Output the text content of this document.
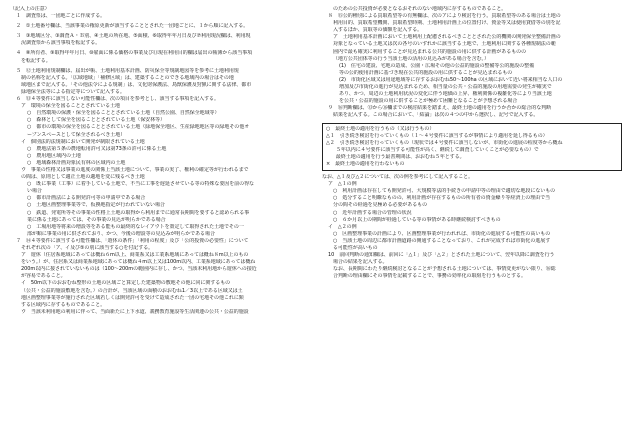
（記入上の注意）
１　調査票は、一団地ごとに作成する。
２　①土地番号欄は、当該事業の権原更新が該当することとされた一団地ごとに、１から順に記入する。
３　③地域区分、③調査Ａ・Ｂ別、④土地の所在地、⑤面積、⑥取得年年月日及び⑦利用現況欄は、利用現
況調査票から該当事項を転記する。
４　⑧所有者、⑨取得年年月日、⑩雇面に係る価格の事業及び⑪現在利用目的欄は届出の帳簿から該当事項
を転記する。
５　⑫土地利用規制欄は、届出が帳、土地利用基本計画、防災保全等規制地図等を参考に土地利用規
制の名称を記入する。「広域地域」「補修区域」は、建築することのできる地域内の場合はその地
域地区まで記入する。「その他法令による規制」は、文化財保護法、鳥獣保護及狩猟に関する法律、都市
緑地保全法等による指定等について記入する。
６　⑬４等要件に該当しない可能性欄は、次の項目を参考とし、該当する事項を記入する。
ア　環境の保全を図ることとされている土地
○　自然環境の保護・保全を図ることとされている土地（自然公園、自然保全地域等）
○　森林として保全を図ることとされている土地（保安林等）
○　都市の環境の保全を図ることとされている土地（緑地保全地区、生産緑地地区等の緑地その他オ
ープンスペースとして保全されるべき土地）
イ　個別法的法規制において開発が制限されている土地
○　農地法第５条の農地転用許可又は第73条の許可に係る土地
○　農用地区域内の土地
○　地域森林計画対象民有林の区域内の土地
ウ　事業の性格又は事業の進度の関係上当該土地について、事業の実了、権利の確定等が行われるまで
の間は、原則として適正土地の適地を変に残るべき土地
○　既に事業（工事）に着手している土地で、不当に工事を遅延させている等の特殊な要因を前の得な
い場合
○　都市計画法による開発許可等の申請中である場合
○　土地区画整理事業等で、仮換地指定が行われていない場合
○　鉄道、発電所等その事業の性格上土地の取得から利用までに通常長期間を要すると認められる事
業に係る土地にあっては、その事業の見込が明らかである場合
○　工場用地等将来の増設等をある能もの最終的なレイアウトを策定して取得された土地でその一
部が順に事業の用に供されており、かつ、今後の増設等の見込みが明らかである場合
７　⑭４等要件に該当する可能性欄は、「遊休の条件」「利用の程度」及び「公的投資の必要性」について
それぞれ次の「ア、イ及び⑤の別に該当する○を付記する。
ア　遊休（住居系地域にあっては概ね６m以上、商業系又は工業系地域にあっては概ね８m以上のもの
をいう。）が、住居系又は商業系地域にあっては概ね４m以上又は100m以内、工業系地域にあっては概ね
200m以内に接されていないものは（100～200mの範囲内に存し、かつ、当該未利用地から遊休への接近
が容易であること。
イ　50m以下のおおむね整形の土地の区域ごと算定した建築物の敷地その他に同に関するもの
（公共・公益的施設敷地を含む。）の合計が、当該区域の面積のおおむね1／3以上である区域又は土
地区画整理事業等が施行された区域若しくは開発許可を受けて造成された一団の宅地その他これに類
する区域内に存するものであること。
ウ　当該未利用地の利用に伴って、当面新たに上下水道、義務教育施設等生活関連の公共・公益的施設
のための公共投資が必要となるおそれのない地域内に存するものであること。
８　⑮公的種別による買取希望等の有無欄は、次のアにより検討を行う。買取希望等のある場合は土地の
利用目的、買取希望機関、買取希望時期、土地利用計画上の位置付け、資金等又は使用貸借等の別を記
入するほか、買取等の価額を記入する。
ア　土地利用基本計画において土地利用上配慮されるべきこととされた公的機関の開発保全整備計画の
対象となっている土地又は次の各号のいずれかに該当する土地で、土地利用に関する各種規制法の範
囲内で最も確実に利用することが見込まれる公共的施設の用に供する計画があるものの
（地方公共団体等の行う当該土地の活用の見込みがある場合を含む。）
(1)　住宅の建設、宅地の造成、公園・広場その他の公益的施設の整備等公的施設の整備
等の公的使用計画に基づき現在公共的施設の用に供することが見込まれるもの
(2)　市街化区域又は用途地域等に存するおおむね50～100ha の区域において近い将来相当な人口の
増加及び市街化の進行が見込まれるため、相当量の公共・公益的施設の用地需要の発生が確実で
あり、かつ、周辺の土地利用状況の変化に伴う地価の上昇、権利関係の複雑化等により当該土地
を公共・公益的施設の用に供することが極めて困難となることが予想される場合
９　⑯判断欄は、⑬から⑯欄までの検討結果を踏まえ、最終土地の適用を行うか否かの総合的な判断
結果を記入する。この場合において、「結論」は次の４つの中から選択し、記号で記入する。
○　最終土地の適用を行うもの（又は行うもの）
△１　引き続き検討を行っていくもの（１～４号要件に該当するが事情により適用を延し得るもの）
△２　引き続き検討を行っていくもの（現状では４号要件に該当しないが、市街化の進展の程度等から概ね
　　５年以内に４号要件に該当する可能性が高く、継続して調査していくことが必要なもの）で
　　最終土地の適用を行う最善期間は、おおむね５年とする。
×　最終土地の適用を行わないもの
なお、△１及び△２については、次の例を参考にして記入すること。
ア　△１の例
○　利用計画は存在しても開発許可、大規模等法的手続きの申請中等の理由で適切な地段にないもの
○　処分すること明瞭なものの、利用計画が存在するものの所有者の資金繰り等経済上の理由で当
分の間その経過を見極める必要があるもの
○　近年計画する場合の管理の状況
○　６か月以上の期間が経過している等の事情がある時継続検討すべきもの
イ　△２の例
○　区画整理事業の計画により、区画整理事業が行われれば、市街化の進展する可能性の高いもの
○　当該土地の周辺に都市計画道路の開通することなっており、これが完成すれば市街化の進展す
る可能性が高いもの
10　前回判断の通知欄は、前回に「△１」及び「△２」とされた土地について、翌年以降に調査を行う
場合の結果を記入する。
なお、長期間にわたり継続検討となることが予想される土地については、事情変更がない限り、⑯総
合判断の理由欄にその事情を記載することで、事務の効率化の取組を行うものとする。
